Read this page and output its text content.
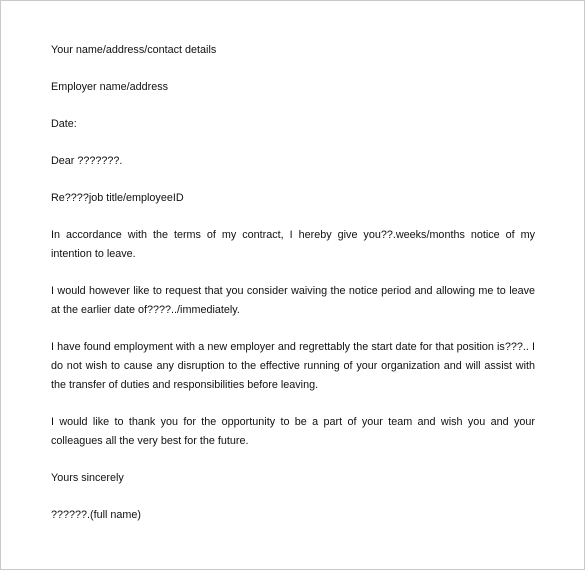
Your name/address/contact details

Employer name/address

Date:

Dear ???????.

Re????job title/employeeID

In accordance with the terms of my contract, I hereby give you??.weeks/months notice of my intention to leave.

I would however like to request that you consider waiving the notice period and allowing me to leave at the earlier date of????../immediately.

I have found employment with a new employer and regrettably the start date for that position is???.. I do not wish to cause any disruption to the effective running of your organization and will assist with the transfer of duties and responsibilities before leaving.

I would like to thank you for the opportunity to be a part of your team and wish you and your colleagues all the very best for the future.

Yours sincerely

??????.(full name)
